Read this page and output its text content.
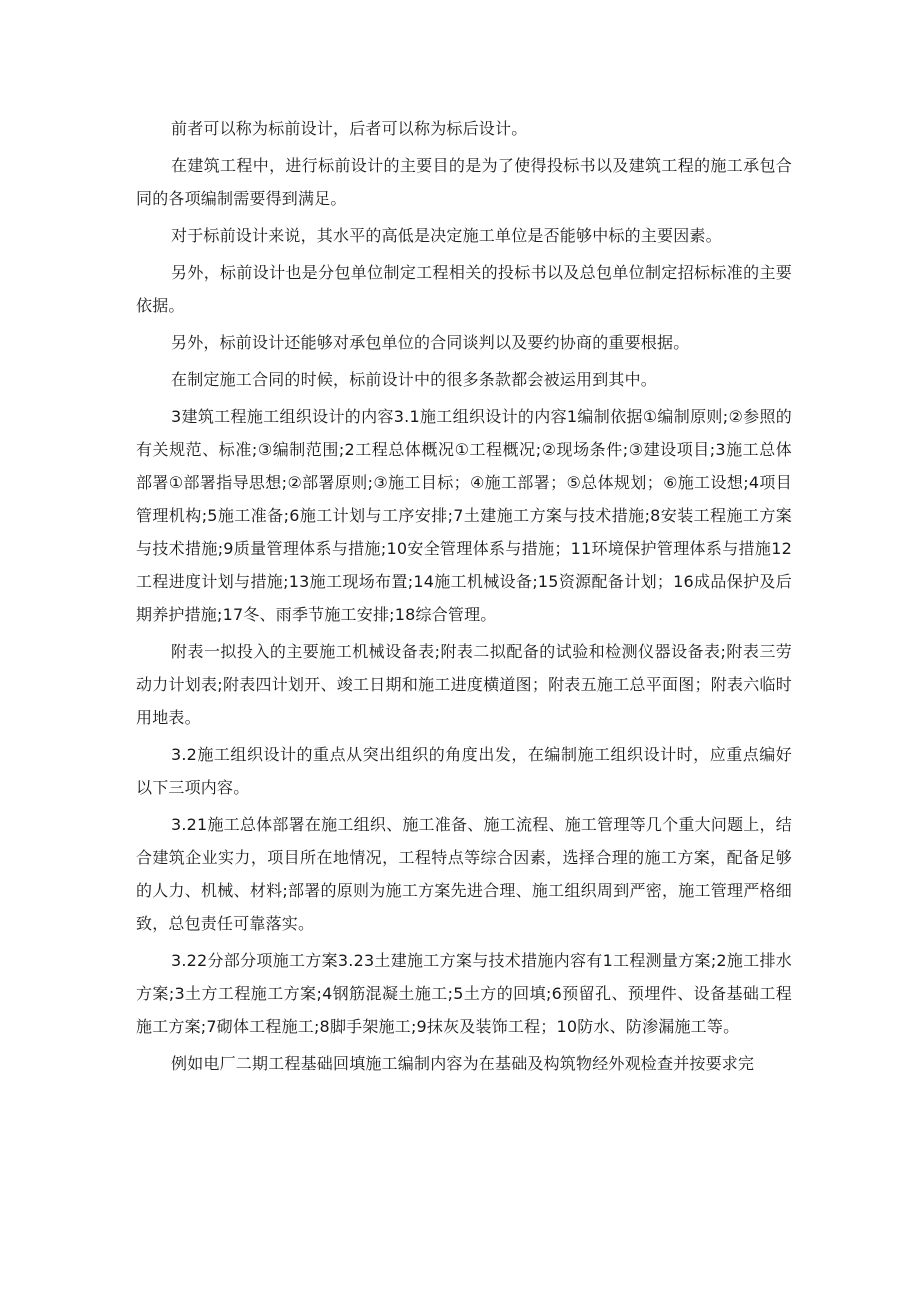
前者可以称为标前设计，后者可以称为标后设计。

在建筑工程中，进行标前设计的主要目的是为了使得投标书以及建筑工程的施工承包合同的各项编制需要得到满足。

对于标前设计来说，其水平的高低是决定施工单位是否能够中标的主要因素。

另外，标前设计也是分包单位制定工程相关的投标书以及总包单位制定招标标准的主要依据。

另外，标前设计还能够对承包单位的合同谈判以及要约协商的重要根据。

在制定施工合同的时候，标前设计中的很多条款都会被运用到其中。

3建筑工程施工组织设计的内容3.1施工组织设计的内容1编制依据①编制原则;②参照的有关规范、标准;③编制范围;2工程总体概况①工程概况;②现场条件;③建设项目;3施工总体部署①部署指导思想;②部署原则;③施工目标；④施工部署；⑤总体规划；⑥施工设想;4项目管理机构;5施工准备;6施工计划与工序安排;7土建施工方案与技术措施;8安装工程施工方案与技术措施;9质量管理体系与措施;10安全管理体系与措施；11环境保护管理体系与措施12工程进度计划与措施;13施工现场布置;14施工机械设备;15资源配备计划；16成品保护及后期养护措施;17冬、雨季节施工安排;18综合管理。

附表一拟投入的主要施工机械设备表;附表二拟配备的试验和检测仪器设备表;附表三劳动力计划表;附表四计划开、竣工日期和施工进度横道图；附表五施工总平面图；附表六临时用地表。

3.2施工组织设计的重点从突出组织的角度出发，在编制施工组织设计时，应重点编好以下三项内容。

3.21施工总体部署在施工组织、施工准备、施工流程、施工管理等几个重大问题上，结合建筑企业实力，项目所在地情况，工程特点等综合因素，选择合理的施工方案，配备足够的人力、机械、材料;部署的原则为施工方案先进合理、施工组织周到严密，施工管理严格细致，总包责任可靠落实。

3.22分部分项施工方案3.23土建施工方案与技术措施内容有1工程测量方案;2施工排水方案;3土方工程施工方案;4钢筋混凝土施工;5土方的回填;6预留孔、预埋件、设备基础工程施工方案;7砌体工程施工;8脚手架施工;9抹灰及装饰工程；10防水、防渗漏施工等。

例如电厂二期工程基础回填施工编制内容为在基础及构筑物经外观检查并按要求完
